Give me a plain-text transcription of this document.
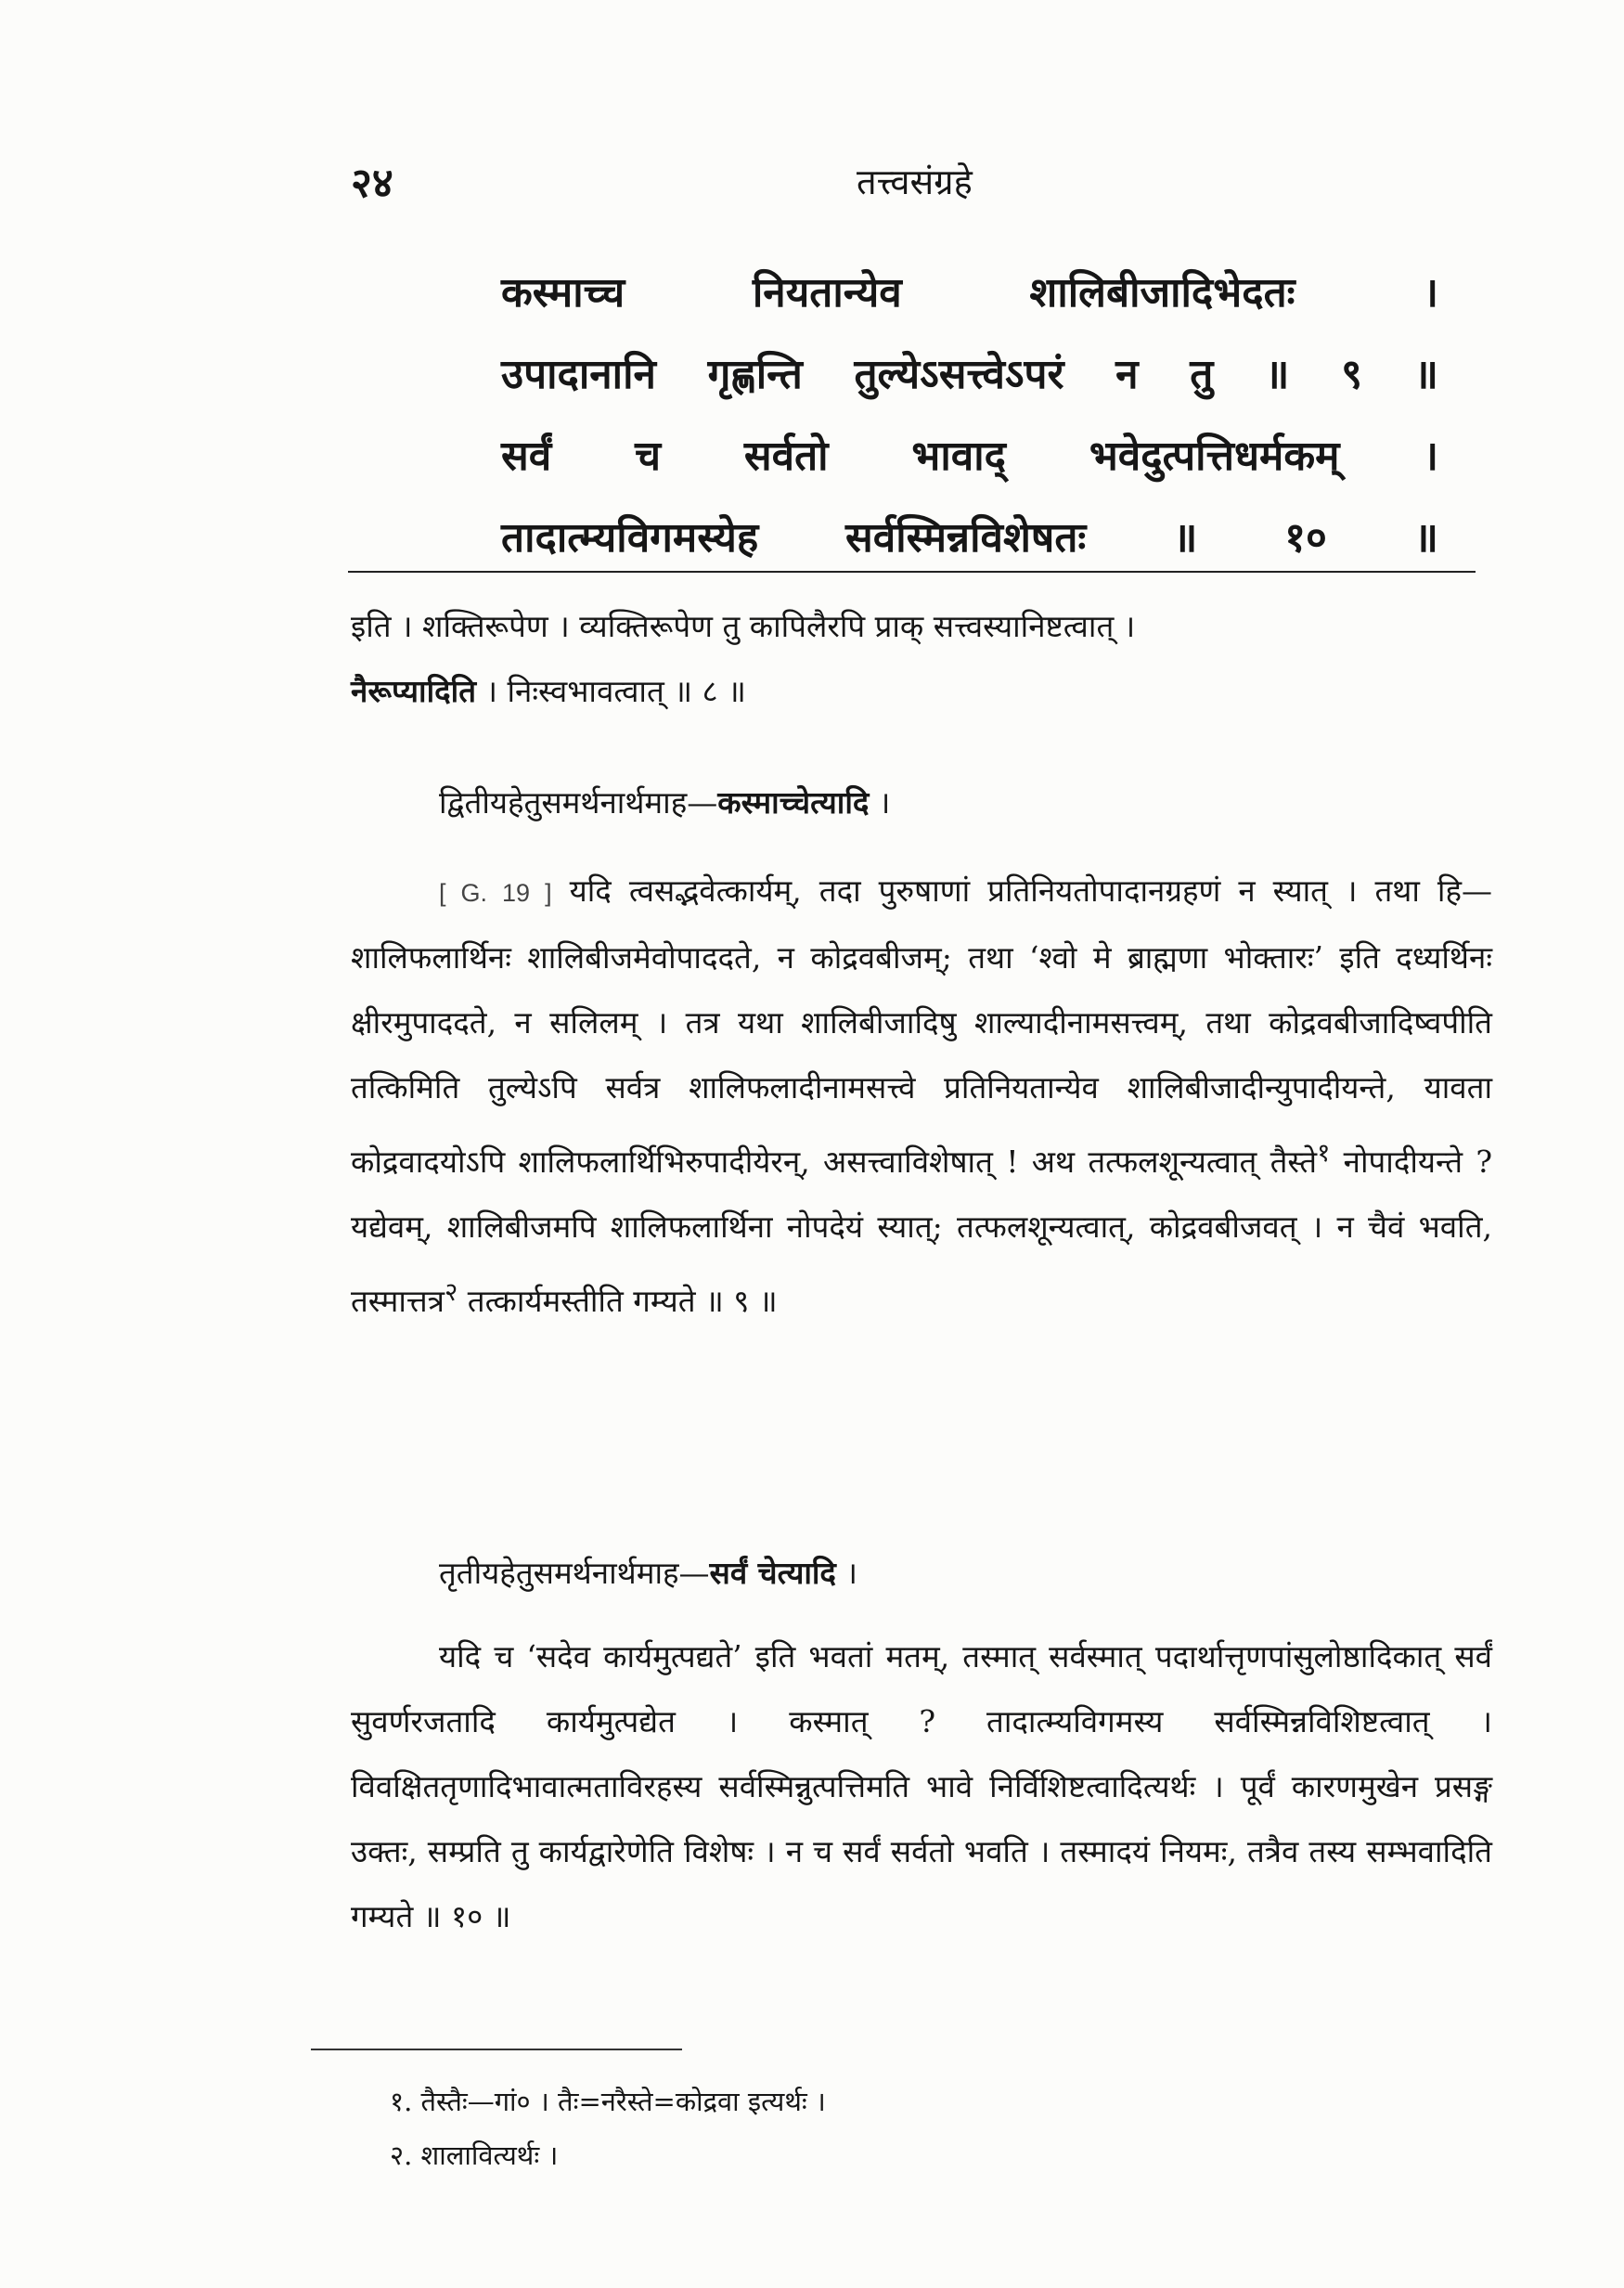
२४	तत्त्वसंग्रहे
कस्माच्च नियतान्येव शालिबीजादिभेदतः ।
उपादानानि गृह्णन्ति तुल्येऽसत्त्वेऽपरं न तु ॥ ९ ॥
सर्वं च सर्वतो भावाद् भवेदुत्पत्तिधर्मकम् ।
तादात्म्यविगमस्येह सर्वस्मिन्नविशेषतः ॥ १० ॥

इति । शक्तिरूपेण । व्यक्तिरूपेण तु कापिलैरपि प्राक् सत्त्वस्यानिष्टत्वात् ।
नैरूप्यादिति । निःस्वभावत्वात् ॥ ८ ॥

द्वितीयहेतुसमर्थनार्थमाह—कस्माच्चेत्यादि ।

[ G. 19 ] यदि त्वसद्भवेत्कार्यम्, तदा पुरुषाणां प्रतिनियतोपादानग्रहणं न स्यात् । तथा हि— शालिफलार्थिनः शालिबीजमेवोपाददते, न कोद्रवबीजम्; तथा ‘श्वो मे ब्राह्मणा भोक्तारः’ इति दध्यर्थिनः क्षीरमुपाददते, न सलिलम् । तत्र यथा शालिबीजादिषु शाल्यादीनामसत्त्वम्, तथा कोद्रवबीजादिष्वपीति तत्किमिति तुल्येऽपि सर्वत्र शालिफलादीनामसत्त्वे प्रतिनियतान्येव शालिबीजादीन्युपादीयन्ते, यावता कोद्रवादयोऽपि शालिफलार्थिभिरुपादीयेरन्, असत्त्वाविशेषात् ! अथ तत्फलशून्यत्वात् तैस्ते$^१$ नोपादीयन्ते ? यद्येवम्, शालिबीजमपि शालिफलार्थिना नोपदेयं स्यात्; तत्फलशून्यत्वात्, कोद्रवबीजवत् । न चैवं भवति, तस्मात्तत्र$^२$ तत्कार्यमस्तीति गम्यते ॥ ९ ॥

तृतीयहेतुसमर्थनार्थमाह—सर्वं चेत्यादि ।

यदि च ‘सदेव कार्यमुत्पद्यते’ इति भवतां मतम्, तस्मात् सर्वस्मात् पदार्थात्तृणपांसुलोष्ठादिकात् सर्वं सुवर्णरजतादि कार्यमुत्पद्येत । कस्मात् ? तादात्म्यविगमस्य सर्वस्मिन्नविशिष्टत्वात् । विवक्षिततृणादिभावात्मताविरहस्य सर्वस्मिन्नुत्पत्तिमति भावे निर्विशिष्टत्वादित्यर्थः । पूर्वं कारणमुखेन प्रसङ्ग उक्तः, सम्प्रति तु कार्यद्वारेणेति विशेषः । न च सर्वं सर्वतो भवति । तस्मादयं नियमः, तत्रैव तस्य सम्भवादिति गम्यते ॥ १० ॥

१. तैस्तैः—गां० । तैः=नरैस्ते=कोद्रवा इत्यर्थः ।

२. शालावित्यर्थः ।
